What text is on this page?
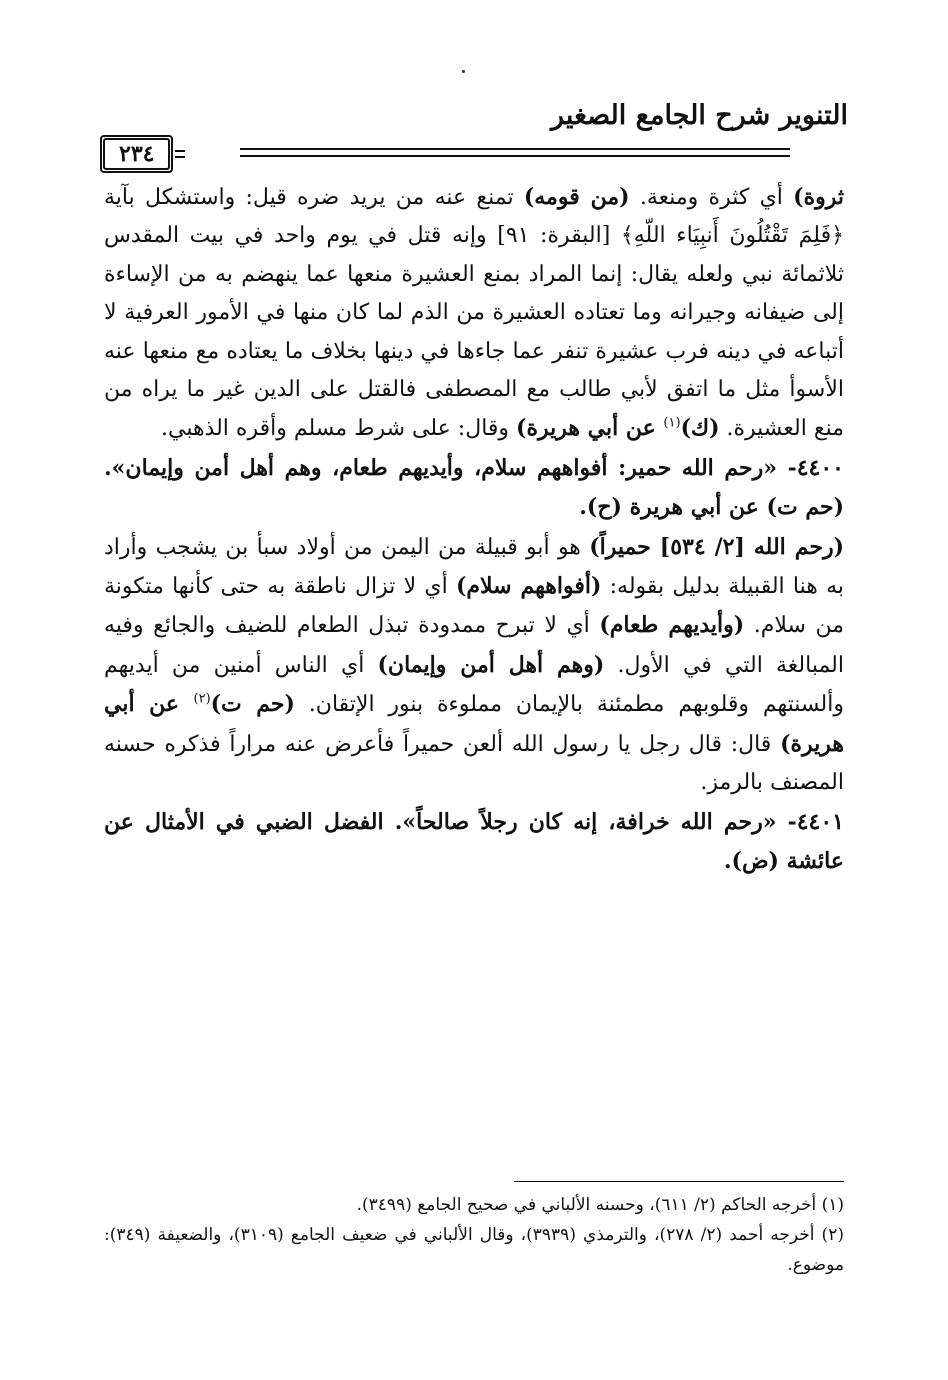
التنوير شرح الجامع الصغير
٢٣٤

ثروة) أي كثرة ومنعة. (من قومه) تمنع عنه من يريد ضره قيل: واستشكل بآية ﴿فَلِمَ تَقْتُلُونَ أَنبِيَاء اللّهِ﴾ [البقرة: ٩١] وإنه قتل في يوم واحد في بيت المقدس ثلاثمائة نبي ولعله يقال: إنما المراد بمنع العشيرة منعها عما ينهضم به من الإساءة إلى ضيفانه وجيرانه وما تعتاده العشيرة من الذم لما كان منها في الأمور العرفية لا أتباعه في دينه فرب عشيرة تنفر عما جاءها في دينها بخلاف ما يعتاده مع منعها عنه الأسوأ مثل ما اتفق لأبي طالب مع المصطفى فالقتل على الدين غير ما يراه من منع العشيرة. (ك)$^{(١)}$ عن أبي هريرة) وقال: على شرط مسلم وأقره الذهبي.

٤٤٠٠- «رحم الله حمير: أفواههم سلام، وأيديهم طعام، وهم أهل أمن وإيمان». (حم ت) عن أبي هريرة (ح).

(رحم الله [٢/ ٥٣٤] حميراً) هو أبو قبيلة من اليمن من أولاد سبأ بن يشجب وأراد به هنا القبيلة بدليل بقوله: (أفواههم سلام) أي لا تزال ناطقة به حتى كأنها متكونة من سلام. (وأيديهم طعام) أي لا تبرح ممدودة تبذل الطعام للضيف والجائع وفيه المبالغة التي في الأول. (وهم أهل أمن وإيمان) أي الناس أمنين من أيديهم وألسنتهم وقلوبهم مطمئنة بالإيمان مملوءة بنور الإتقان. (حم ت)$^{(٢)}$ عن أبي هريرة) قال: قال رجل يا رسول الله ألعن حميراً فأعرض عنه مراراً فذكره حسنه المصنف بالرمز.

٤٤٠١- «رحم الله خرافة، إنه كان رجلاً صالحاً». الفضل الضبي في الأمثال عن عائشة (ض).

(١) أخرجه الحاكم (٢/ ٦١١)، وحسنه الألباني في صحيح الجامع (٣٤٩٩).

(٢) أخرجه أحمد (٢/ ٢٧٨)، والترمذي (٣٩٣٩)، وقال الألباني في ضعيف الجامع (٣١٠٩)، والضعيفة (٣٤٩): موضوع.
